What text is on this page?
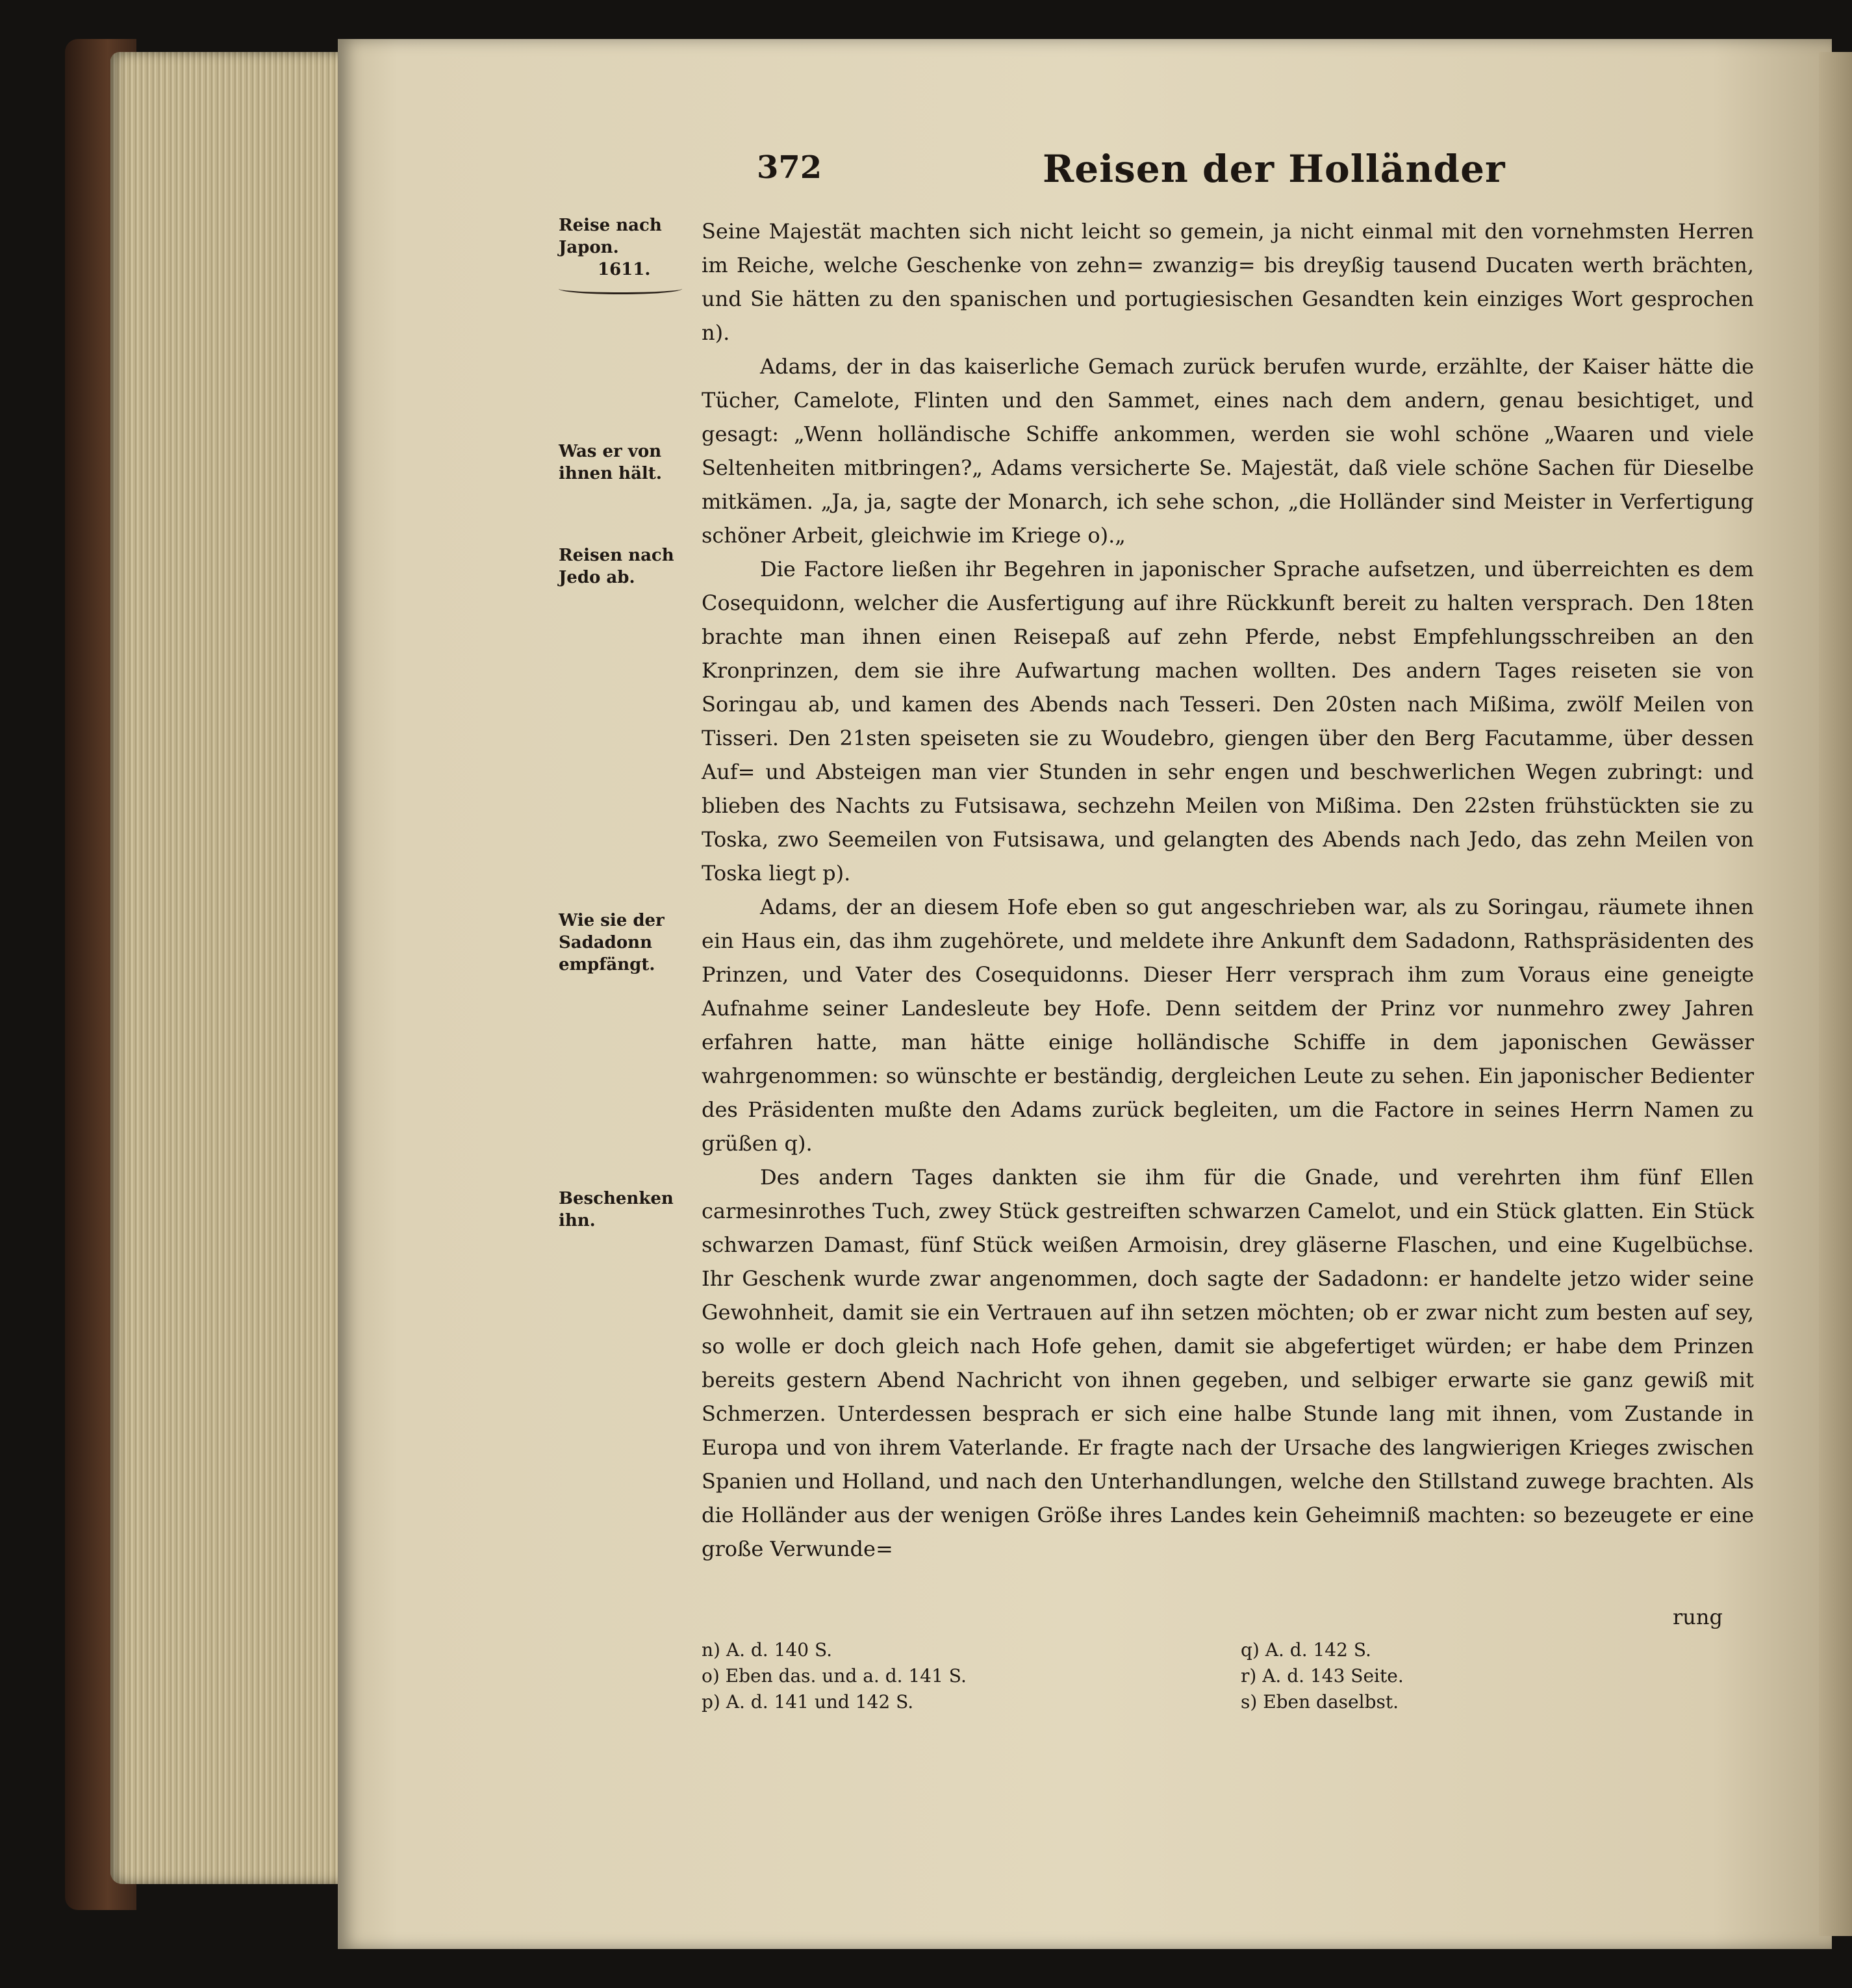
372	Reisen der Holländer
Reise nach Japon.
1611.
Was er von ihnen hält.
Reisen nach Jedo ab.
Wie sie der Sadadonn empfängt.
Beschenken ihn.

Seine Majestät machten sich nicht leicht so gemein, ja nicht einmal mit den vornehmsten Herren im Reiche, welche Geschenke von zehn= zwanzig= bis dreyßig tausend Ducaten werth brächten, und Sie hätten zu den spanischen und portugiesischen Gesandten kein einziges Wort gesprochen n).

Adams, der in das kaiserliche Gemach zurück berufen wurde, erzählte, der Kaiser hätte die Tücher, Camelote, Flinten und den Sammet, eines nach dem andern, genau besichtiget, und gesagt: „Wenn holländische Schiffe ankommen, werden sie wohl schöne „Waaren und viele Seltenheiten mitbringen?„ Adams versicherte Se. Majestät, daß viele schöne Sachen für Dieselbe mitkämen. „Ja, ja, sagte der Monarch, ich sehe schon, „die Holländer sind Meister in Verfertigung schöner Arbeit, gleichwie im Kriege o).„

Die Factore ließen ihr Begehren in japonischer Sprache aufsetzen, und überreichten es dem Cosequidonn, welcher die Ausfertigung auf ihre Rückkunft bereit zu halten versprach. Den 18ten brachte man ihnen einen Reisepaß auf zehn Pferde, nebst Empfehlungsschreiben an den Kronprinzen, dem sie ihre Aufwartung machen wollten. Des andern Tages reiseten sie von Soringau ab, und kamen des Abends nach Tesseri. Den 20sten nach Mißima, zwölf Meilen von Tisseri. Den 21sten speiseten sie zu Woudebro, giengen über den Berg Facutamme, über dessen Auf= und Absteigen man vier Stunden in sehr engen und beschwerlichen Wegen zubringt: und blieben des Nachts zu Futsisawa, sechzehn Meilen von Mißima. Den 22sten frühstückten sie zu Toska, zwo Seemeilen von Futsisawa, und gelangten des Abends nach Jedo, das zehn Meilen von Toska liegt p).

Adams, der an diesem Hofe eben so gut angeschrieben war, als zu Soringau, räumete ihnen ein Haus ein, das ihm zugehörete, und meldete ihre Ankunft dem Sadadonn, Rathspräsidenten des Prinzen, und Vater des Cosequidonns. Dieser Herr versprach ihm zum Voraus eine geneigte Aufnahme seiner Landesleute bey Hofe. Denn seitdem der Prinz vor nunmehro zwey Jahren erfahren hatte, man hätte einige holländische Schiffe in dem japonischen Gewässer wahrgenommen: so wünschte er beständig, dergleichen Leute zu sehen. Ein japonischer Bedienter des Präsidenten mußte den Adams zurück begleiten, um die Factore in seines Herrn Namen zu grüßen q).

Des andern Tages dankten sie ihm für die Gnade, und verehrten ihm fünf Ellen carmesinrothes Tuch, zwey Stück gestreiften schwarzen Camelot, und ein Stück glatten. Ein Stück schwarzen Damast, fünf Stück weißen Armoisin, drey gläserne Flaschen, und eine Kugelbüchse. Ihr Geschenk wurde zwar angenommen, doch sagte der Sadadonn: er handelte jetzo wider seine Gewohnheit, damit sie ein Vertrauen auf ihn setzen möchten; ob er zwar nicht zum besten auf sey, so wolle er doch gleich nach Hofe gehen, damit sie abgefertiget würden; er habe dem Prinzen bereits gestern Abend Nachricht von ihnen gegeben, und selbiger erwarte sie ganz gewiß mit Schmerzen. Unterdessen besprach er sich eine halbe Stunde lang mit ihnen, vom Zustande in Europa und von ihrem Vaterlande. Er fragte nach der Ursache des langwierigen Krieges zwischen Spanien und Holland, und nach den Unterhandlungen, welche den Stillstand zuwege brachten. Als die Holländer aus der wenigen Größe ihres Landes kein Geheimniß machten: so bezeugete er eine große Verwunde=

rung
n) A. d. 140 S.
o) Eben das. und a. d. 141 S.
p) A. d. 141 und 142 S.
q) A. d. 142 S.
r) A. d. 143 Seite.
s) Eben daselbst.
